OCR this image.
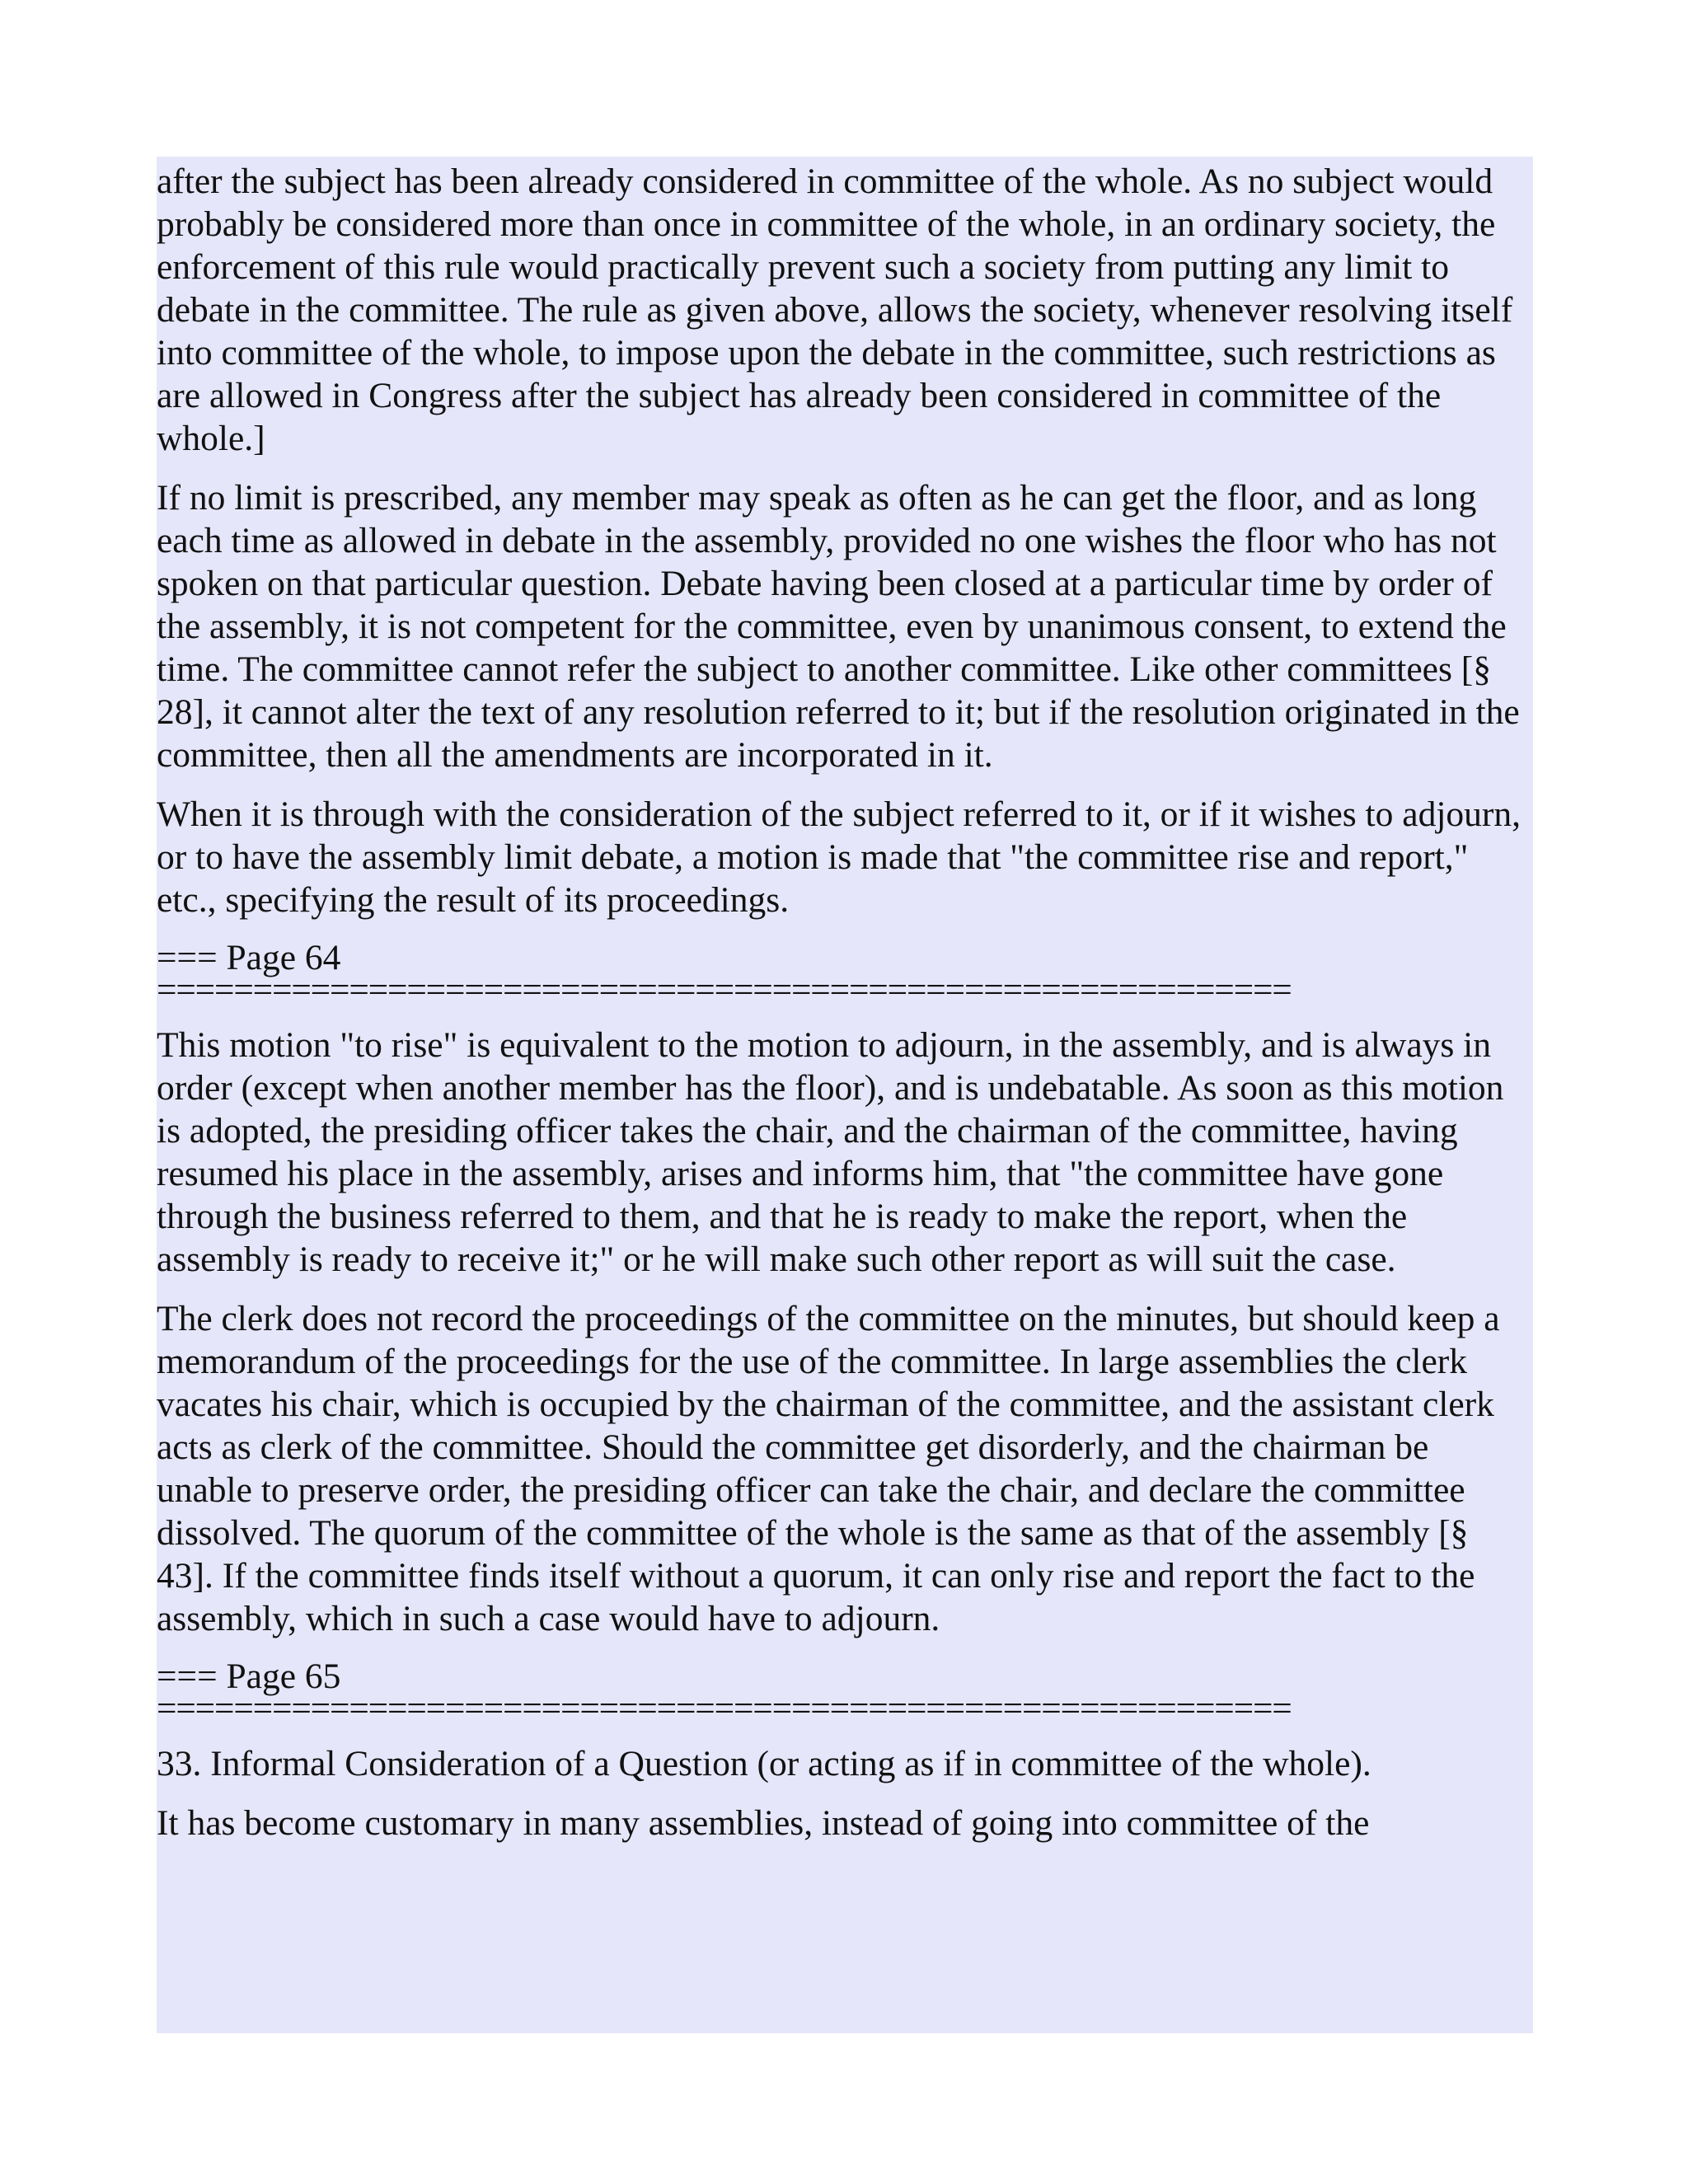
after the subject has been already considered in committee of the whole. As no subject would probably be considered more than once in committee of the whole, in an ordinary society, the enforcement of this rule would practically prevent such a society from putting any limit to debate in the committee. The rule as given above, allows the society, whenever resolving itself into committee of the whole, to impose upon the debate in the committee, such restrictions as are allowed in Congress after the subject has already been considered in committee of the whole.]

If no limit is prescribed, any member may speak as often as he can get the floor, and as long each time as allowed in debate in the assembly, provided no one wishes the floor who has not spoken on that particular question. Debate having been closed at a particular time by order of the assembly, it is not competent for the committee, even by unanimous consent, to extend the time. The committee cannot refer the subject to another committee. Like other committees [§ 28], it cannot alter the text of any resolution referred to it; but if the resolution originated in the committee, then all the amendments are incorporated in it.

When it is through with the consideration of the subject referred to it, or if it wishes to adjourn, or to have the assembly limit debate, a motion is made that "the committee rise and report," etc., specifying the result of its proceedings.

=== Page 64

===========================================================

This motion "to rise" is equivalent to the motion to adjourn, in the assembly, and is always in order (except when another member has the floor), and is undebatable. As soon as this motion is adopted, the presiding officer takes the chair, and the chairman of the committee, having resumed his place in the assembly, arises and informs him, that "the committee have gone through the business referred to them, and that he is ready to make the report, when the assembly is ready to receive it;" or he will make such other report as will suit the case.

The clerk does not record the proceedings of the committee on the minutes, but should keep a memorandum of the proceedings for the use of the committee. In large assemblies the clerk vacates his chair, which is occupied by the chairman of the committee, and the assistant clerk acts as clerk of the committee. Should the committee get disorderly, and the chairman be unable to preserve order, the presiding officer can take the chair, and declare the committee dissolved. The quorum of the committee of the whole is the same as that of the assembly [§ 43]. If the committee finds itself without a quorum, it can only rise and report the fact to the assembly, which in such a case would have to adjourn.

=== Page 65

===========================================================

33. Informal Consideration of a Question (or acting as if in committee of the whole).

It has become customary in many assemblies, instead of going into committee of the
